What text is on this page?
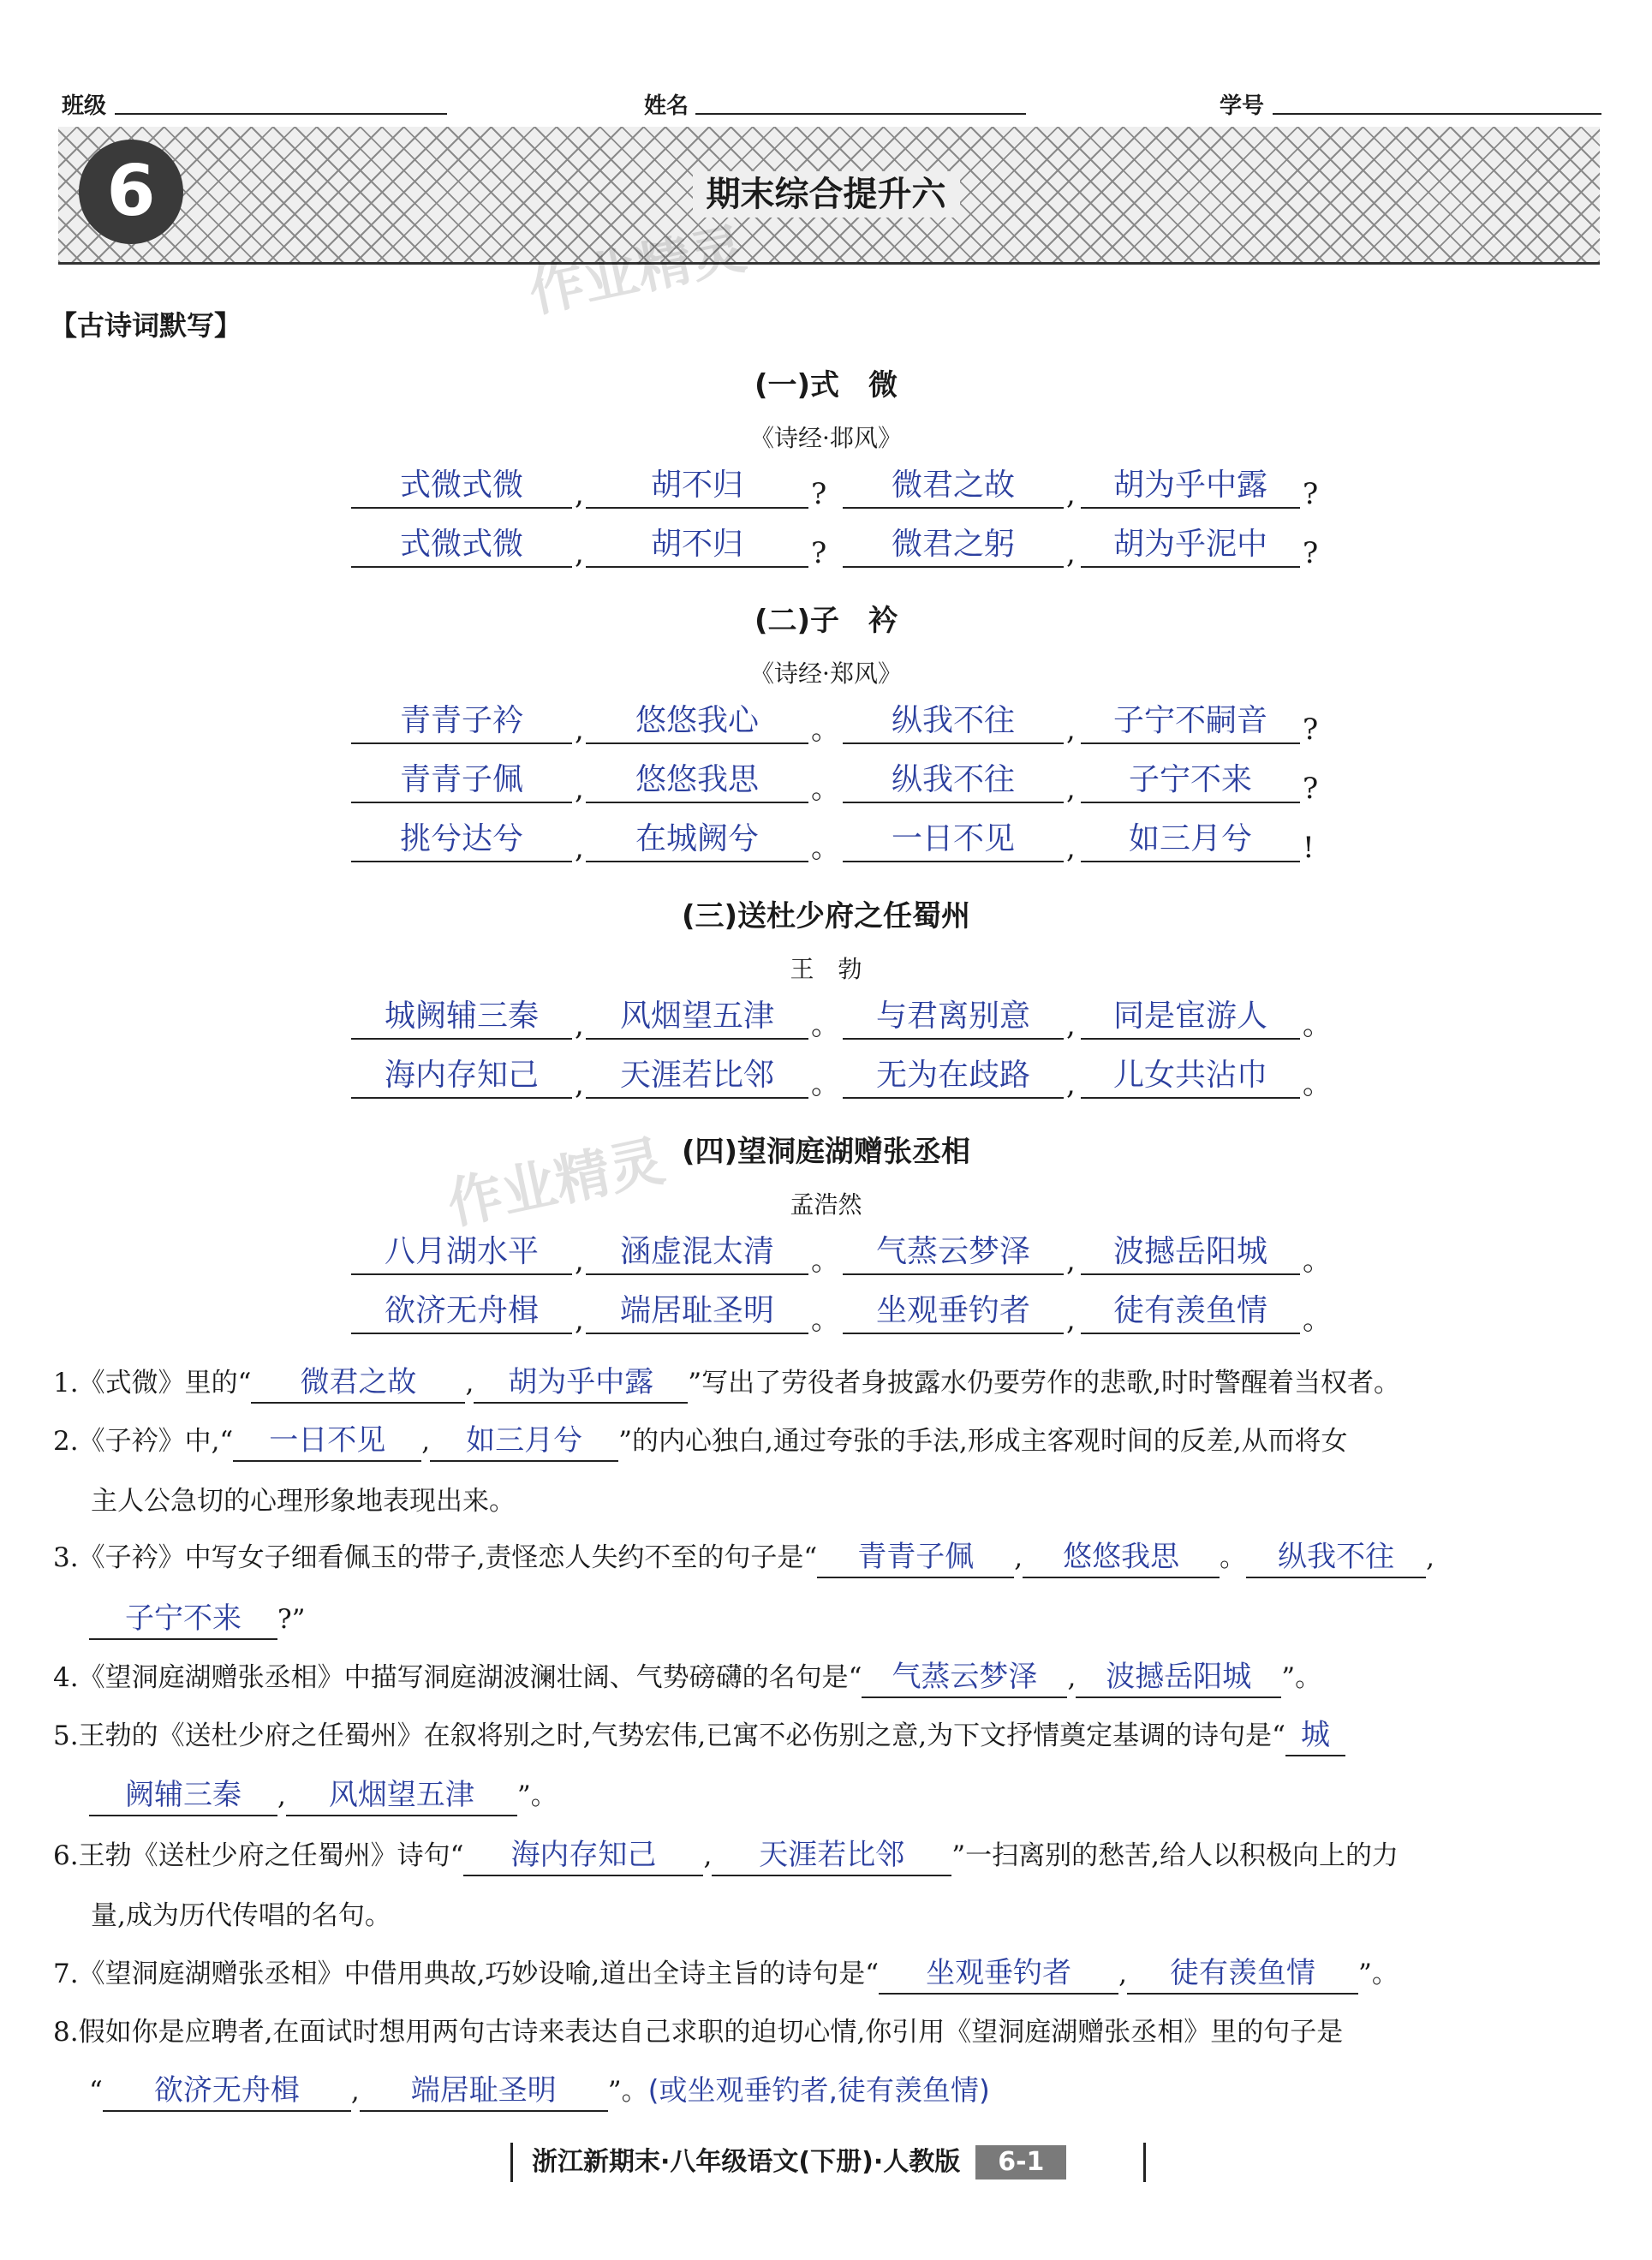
班级	姓名	学号
6	期末综合提升六
作业精灵
作业精灵
【古诗词默写】
(一)式　微
《诗经·邶风》
式微式微	胡不归	微君之故	胡为乎中露
,	?	,	?
式微式微	胡不归	微君之躬	胡为乎泥中
,	?	,	?
(二)子　衿
《诗经·郑风》
青青子衿	悠悠我心	纵我不往	子宁不嗣音
,	。	,	?
青青子佩	悠悠我思	纵我不往	子宁不来
,	。	,	?
挑兮达兮	在城阙兮	一日不见	如三月兮
,	。	,	!
(三)送杜少府之任蜀州
王　勃
城阙辅三秦	风烟望五津	与君离别意	同是宦游人
,	。	,	。
海内存知己	天涯若比邻	无为在歧路	儿女共沾巾
,	。	,	。
(四)望洞庭湖赠张丞相
孟浩然
八月湖水平	涵虚混太清	气蒸云梦泽	波撼岳阳城
,	。	,	。
欲济无舟楫	端居耻圣明	坐观垂钓者	徒有羡鱼情
,	。	,	。
1.《式微》里的“ 微君之故 , 胡为乎中露 ”写出了劳役者身披露水仍要劳作的悲歌,时时警醒着当权者。
2.《子衿》中,“ 一日不见 , 如三月兮 ”的内心独白,通过夸张的手法,形成主客观时间的反差,从而将女
主人公急切的心理形象地表现出来。
3.《子衿》中写女子细看佩玉的带子,责怪恋人失约不至的句子是“ 青青子佩 , 悠悠我思 。 纵我不往 ,
子宁不来 ?”
4.《望洞庭湖赠张丞相》中描写洞庭湖波澜壮阔、气势磅礴的名句是“ 气蒸云梦泽 , 波撼岳阳城 ”。
5.王勃的《送杜少府之任蜀州》在叙将别之时,气势宏伟,已寓不必伤别之意,为下文抒情奠定基调的诗句是“ 城
阙辅三秦 , 风烟望五津 ”。
6.王勃《送杜少府之任蜀州》诗句“ 海内存知己 , 天涯若比邻 ”一扫离别的愁苦,给人以积极向上的力
量,成为历代传唱的名句。
7.《望洞庭湖赠张丞相》中借用典故,巧妙设喻,道出全诗主旨的诗句是“ 坐观垂钓者 , 徒有羡鱼情 ”。
8.假如你是应聘者,在面试时想用两句古诗来表达自己求职的迫切心情,你引用《望洞庭湖赠张丞相》里的句子是
“ 欲济无舟楫 , 端居耻圣明 ”。(或坐观垂钓者,徒有羡鱼情)
浙江新期末·八年级语文(下册)·人教版 6-1
